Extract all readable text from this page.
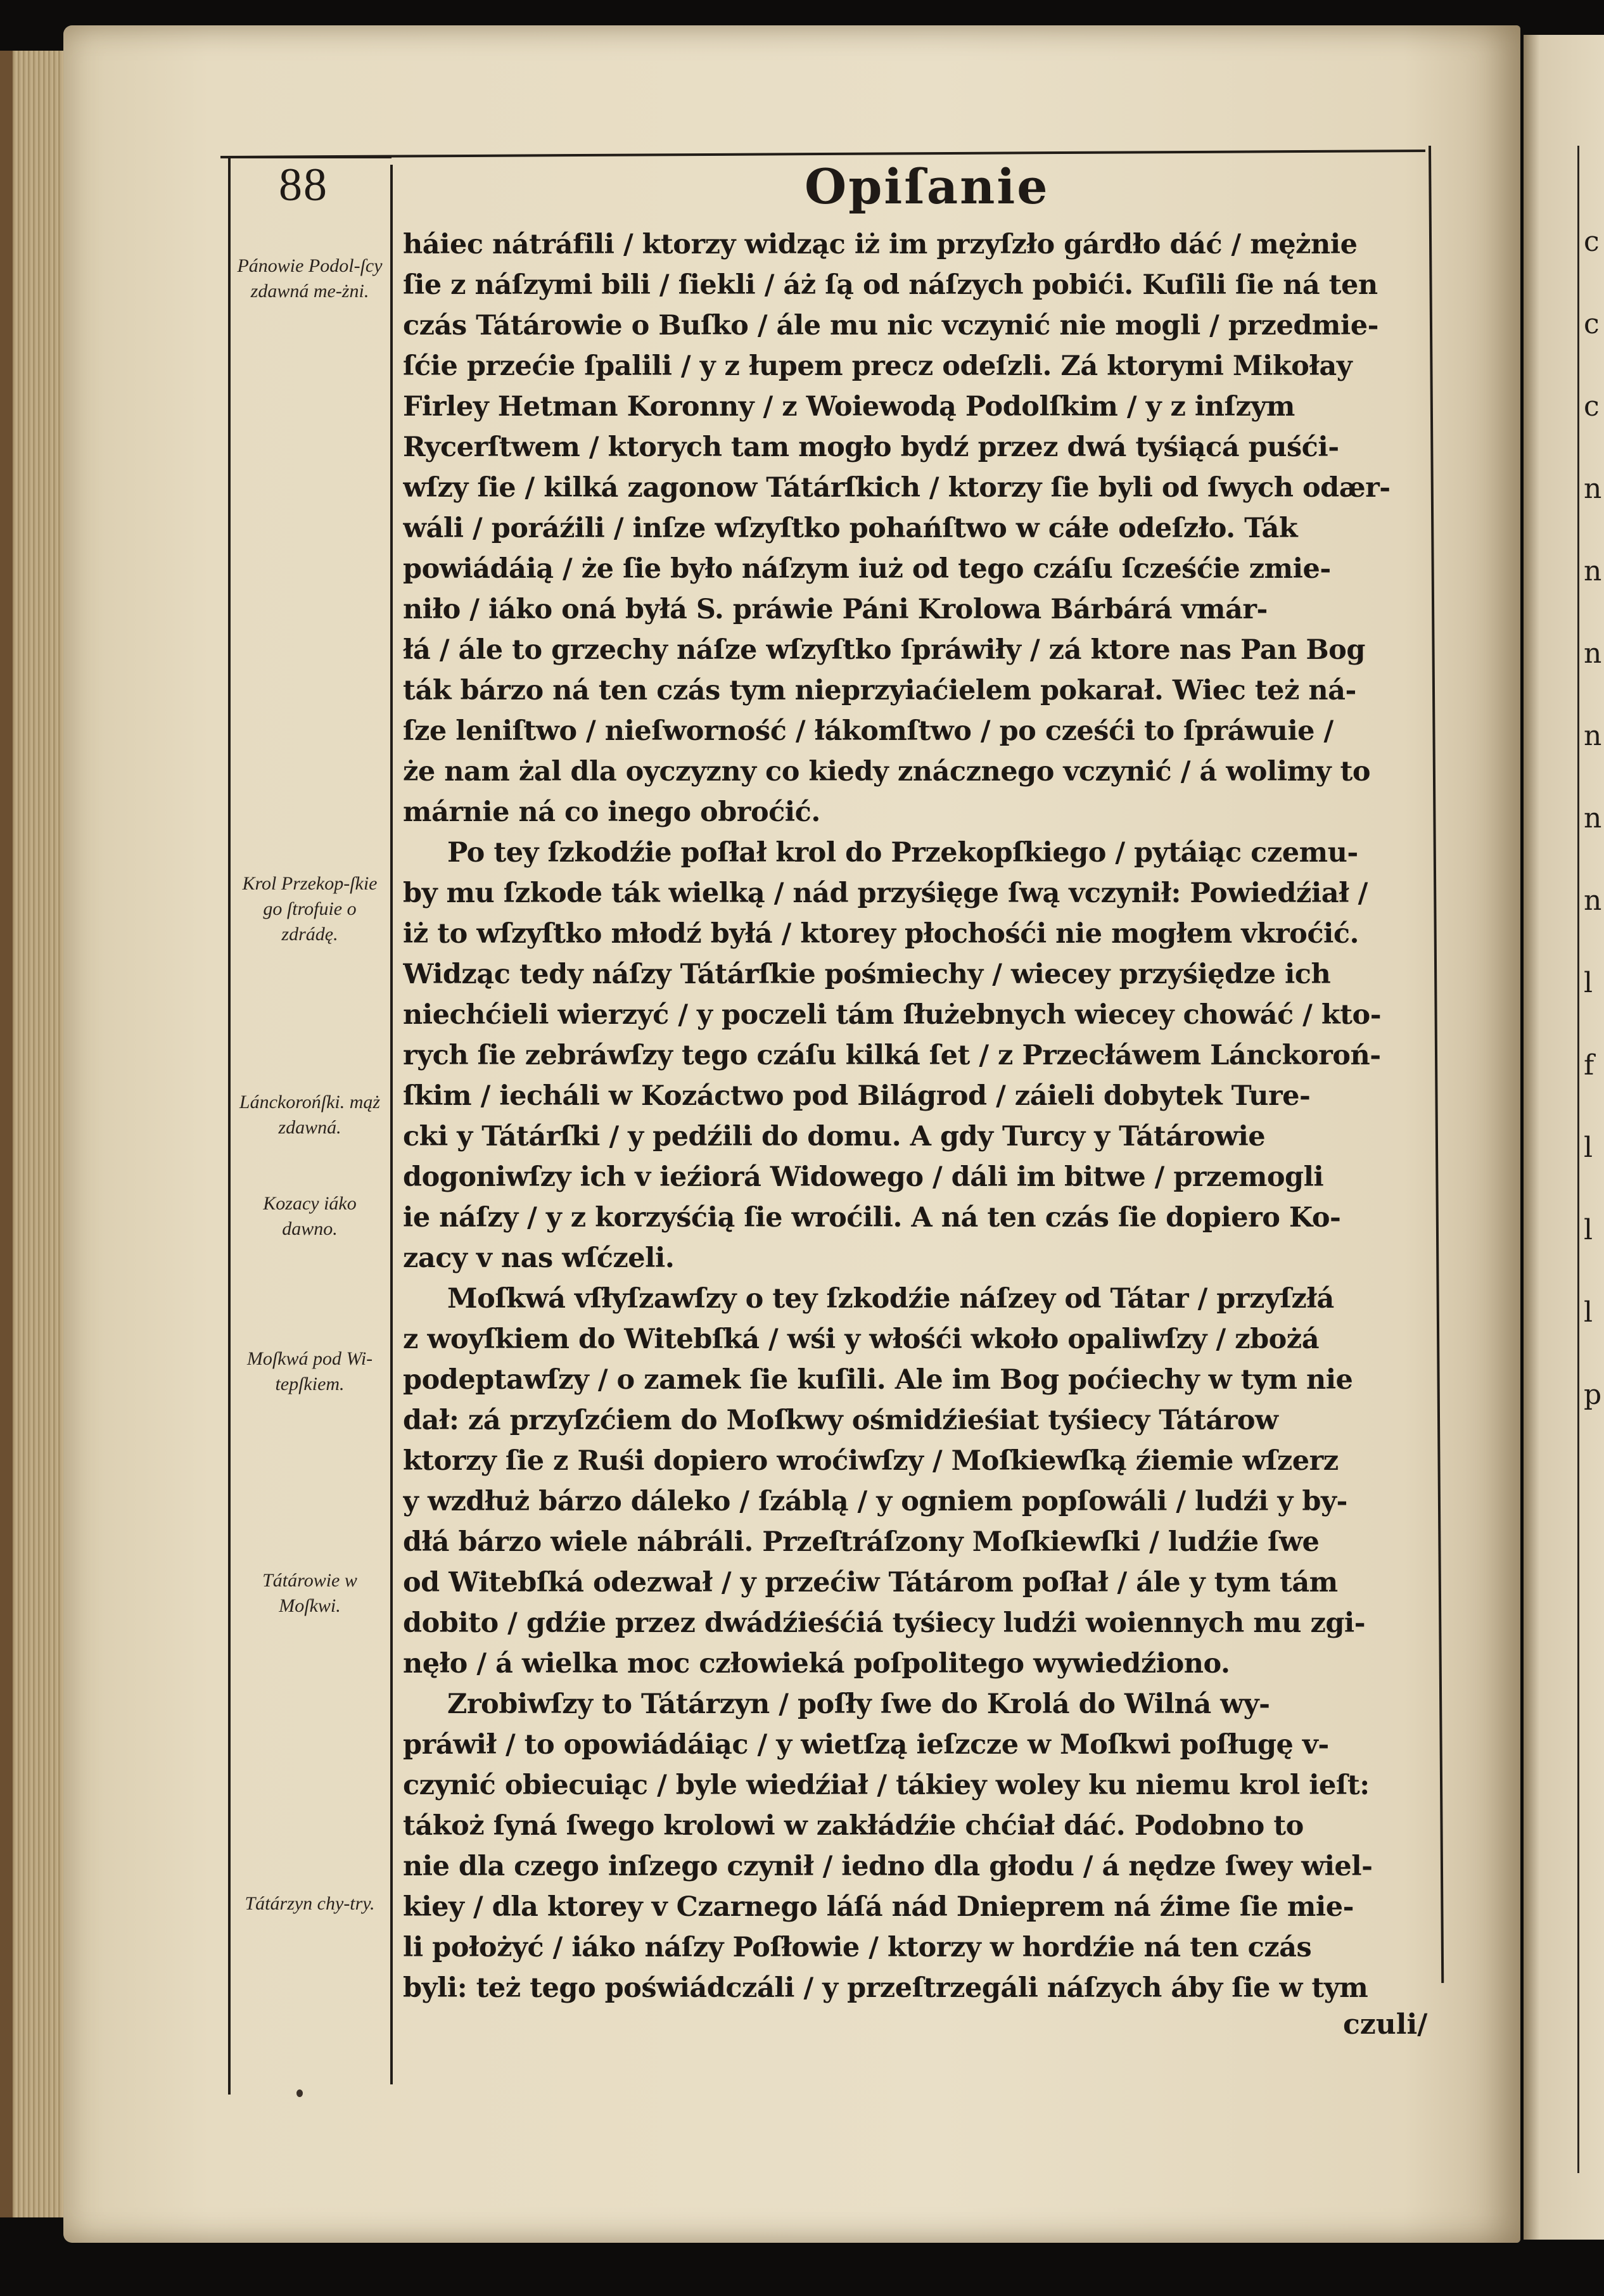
c
c
c
n
n
n
n
n
n
l
f
l
l
l
p
88	Opiſanie
Pánowie Podol-ſcy zdawná me-żni.
Krol Przekop-ſkie go ſtrofuie o zdrádę.
Lánckorońſki. mąż zdawná.
Kozacy iáko dawno.
Moſkwá pod Wi-tepſkiem.
Tátárowie w Moſkwi.
Tátárzyn chy-try.
háiec nátráfili / ktorzy widząc iż im przyſzło gárdło dáć / mężnie
ſie z náſzymi bili / ſiekli / áż ſą od náſzych pobići. Kuſili ſie ná ten
czás Tátárowie o Buſko / ále mu nic vczynić nie mogli / przedmie-
ſćie przećie ſpalili / y z łupem precz odeſzli. Zá ktorymi Mikołay
Firley Hetman Koronny / z Woiewodą Podolſkim / y z inſzym
Rycerſtwem / ktorych tam mogło bydź przez dwá tyśiącá puśći-
wſzy ſie / kilká zagonow Tátárſkich / ktorzy ſie byli od ſwych odær-
wáli / poráźili / inſze wſzyſtko pohańſtwo w cáłe odeſzło. Ták
powiádáią / że ſie było náſzym iuż od tego czáſu ſcześćie zmie-
niło / iáko oná byłá S. práwie Páni Krolowa Bárbárá vmár-
łá / ále to grzechy náſze wſzyſtko ſpráwiły / zá ktore nas Pan Bog
ták bárzo ná ten czás tym nieprzyiaćielem pokarał. Wiec też ná-
ſze leniſtwo / nieſworność / łákomſtwo / po cześći to ſpráwuie /
że nam żal dla oyczyzny co kiedy znácznego vczynić / á wolimy to
márnie ná co inego obroćić.
Po tey ſzkodźie poſłał krol do Przekopſkiego / pytáiąc czemu-
by mu ſzkode ták wielką / nád przyśięge ſwą vczynił: Powiedźiał /
iż to wſzyſtko młodź byłá / ktorey płochośći nie mogłem vkroćić.
Widząc tedy náſzy Tátárſkie pośmiechy / wiecey przyśiędze ich
niechćieli wierzyć / y poczeli tám ſłużebnych wiecey chowáć / kto-
rych ſie zebráwſzy tego czáſu kilká ſet / z Przecłáwem Lánckoroń-
ſkim / iecháli w Kozáctwo pod Bilágrod / záieli dobytek Ture-
cki y Tátárſki / y pedźili do domu. A gdy Turcy y Tátárowie
dogoniwſzy ich v ieźiorá Widowego / dáli im bitwe / przemogli
ie náſzy / y z korzyśćią ſie wroćili. A ná ten czás ſie dopiero Ko-
zacy v nas wſćzeli.
Moſkwá vſłyſzawſzy o tey ſzkodźie náſzey od Tátar / przyſzłá
z woyſkiem do Witebſká / wśi y włośći wkoło opaliwſzy / zbożá
podeptawſzy / o zamek ſie kuſili. Ale im Bog poćiechy w tym nie
dał: zá przyſzćiem do Moſkwy ośmidźieśiat tyśiecy Tátárow
ktorzy ſie z Ruśi dopiero wroćiwſzy / Moſkiewſką źiemie wſzerz
y wzdłuż bárzo dáleko / ſzáblą / y ogniem popſowáli / ludźi y by-
dłá bárzo wiele nábráli. Przeſtráſzony Moſkiewſki / ludźie ſwe
od Witebſká odezwał / y przećiw Tátárom poſłał / ále y tym tám
dobito / gdźie przez dwádźieśćiá tyśiecy ludźi woiennych mu zgi-
nęło / á wielka moc człowieká poſpolitego wywiedźiono.
Zrobiwſzy to Tátárzyn / poſły ſwe do Krolá do Wilná wy-
práwił / to opowiádáiąc / y wietſzą ieſzcze w Moſkwi poſługę v-
czynić obiecuiąc / byle wiedźiał / tákiey woley ku niemu krol ieſt:
tákoż ſyná ſwego krolowi w zakłádźie chćiał dáć. Podobno to
nie dla czego inſzego czynił / iedno dla głodu / á nędze ſwey wiel-
kiey / dla ktorey v Czarnego láſá nád Dnieprem ná źime ſie mie-
li położyć / iáko náſzy Poſłowie / ktorzy w hordźie ná ten czás
byli: też tego poświádczáli / y przeſtrzegáli náſzych áby ſie w tym
czuli/
